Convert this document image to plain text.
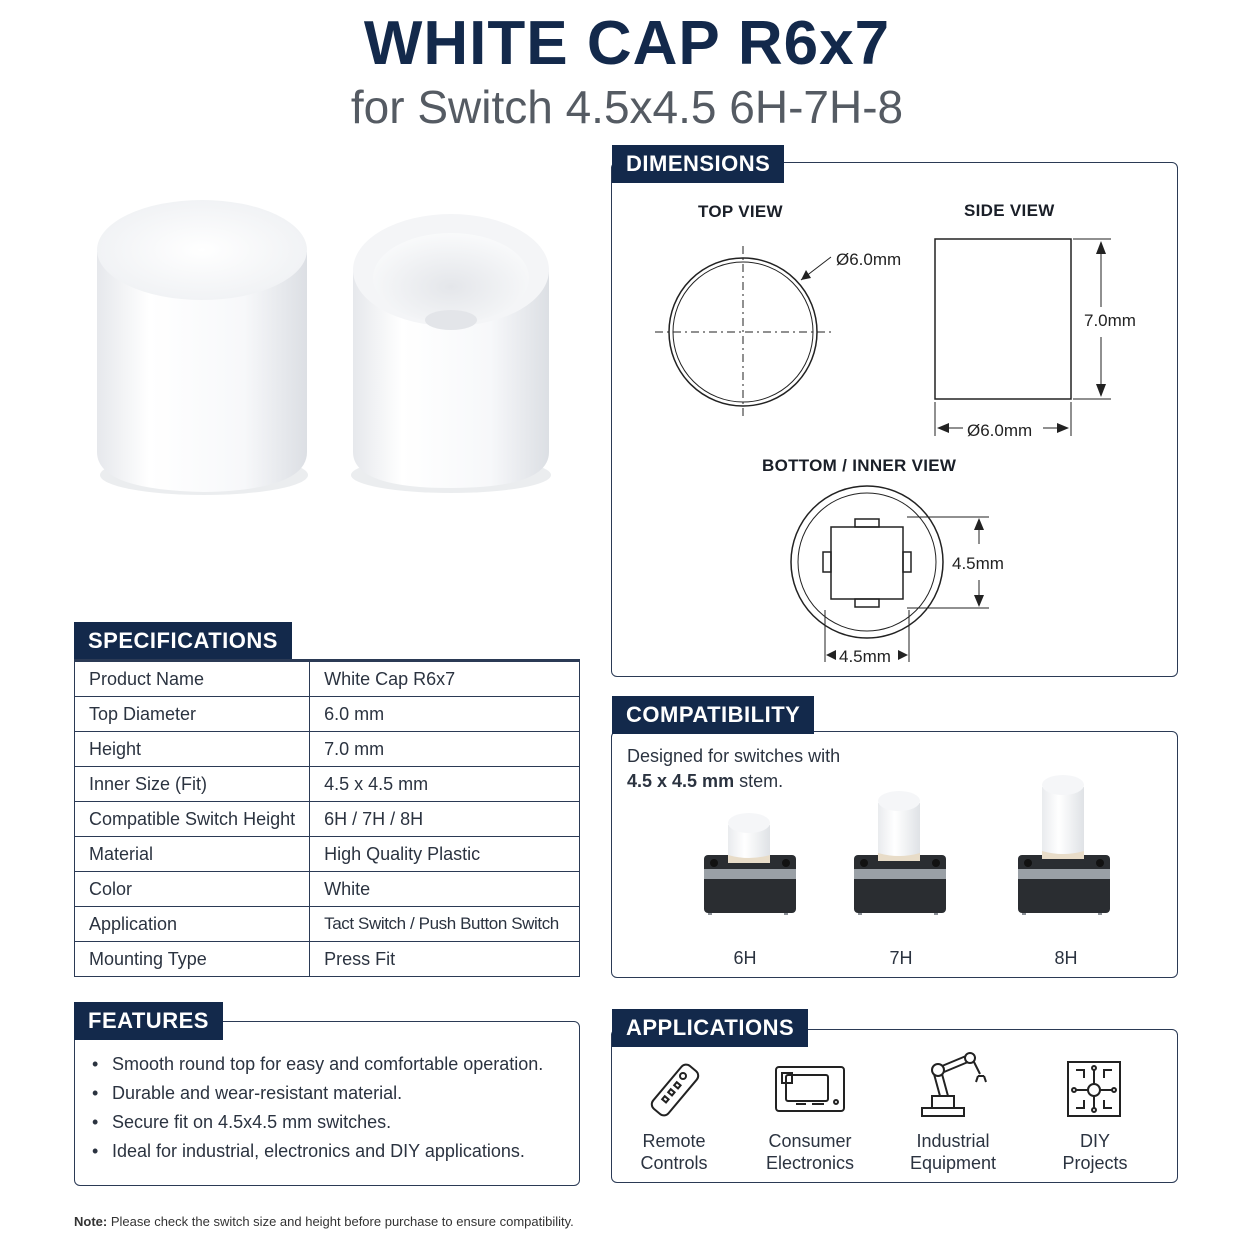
WHITE CAP R6x7
for Switch 4.5x4.5 6H-7H-8
SPECIFICATIONS
Product Name	White Cap R6x7
Top Diameter	6.0 mm
Height	7.0 mm
Inner Size (Fit)	4.5 x 4.5 mm
Compatible Switch Height	6H / 7H / 8H
Material	High Quality Plastic
Color	White
Application	Tact Switch / Push Button Switch
Mounting Type	Press Fit
FEATURES
• Smooth round top for easy and comfortable operation.
• Durable and wear-resistant material.
• Secure fit on 4.5x4.5 mm switches.
• Ideal for industrial, electronics and DIY applications.
Note: Please check the switch size and height before purchase to ensure compatibility.
DIMENSIONS
TOP VIEW	SIDE VIEW
BOTTOM / INNER VIEW
Ø6.0mm
7.0mm
Ø6.0mm
4.5mm
4.5mm
COMPATIBILITY
Designed for switches with
4.5 x 4.5 mm stem.
6H	7H	8H
APPLICATIONS
Remote
Controls
Consumer
Electronics
Industrial
Equipment
DIY
Projects
